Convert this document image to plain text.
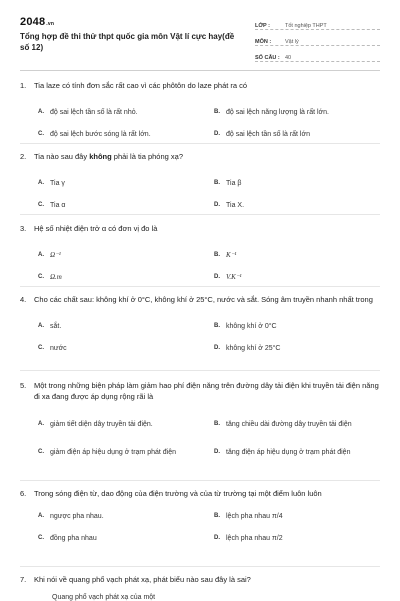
2048.vn
Tổng hợp đề thi thử thpt quốc gia môn Vật lí cực hay(đề số 12)
LỚP :	Tốt nghiệp THPT
MÔN :	Vật lý
SỐ CÂU : 40
1.	Tia laze có tính đơn sắc rất cao vì các phôtôn do laze phát ra có
A. độ sai lệch tần số là rất nhỏ.	B. độ sai lệch năng lượng là rất lớn.
C. độ sai lệch bước sóng là rất lớn.	D. độ sai lệch tần số là rất lớn
2.	Tia nào sau đây không phải là tia phóng xạ?
A. Tia γ	B. Tia β
C. Tia α	D. Tia X.
3.	Hệ số nhiệt điện trở α có đơn vị đo là
A. Ω⁻¹	B. K⁻¹
C. Ω.m	D. V.K⁻¹
4.	Cho các chất sau: không khí ở 0°C, không khí ở 25°C, nước và sắt. Sóng âm truyền nhanh nhất trong
A. sắt.	B. không khí ở 0°C
C. nước	D. không khí ở 25°C
5.	Một trong những biện pháp làm giảm hao phí điện năng trên đường dây tải điện khi truyền tải điện năng đi xa đang được áp dụng rộng rãi là
A. giảm tiết diện dây truyền tải điện.	B. tăng chiều dài đường dây truyền tải điện
C. giảm điện áp hiệu dụng ở trạm phát điện	D. tăng điện áp hiệu dụng ở trạm phát điện
6.	Trong sóng điện từ, dao động của điện trường và của từ trường tại một điểm luôn luôn
A. ngược pha nhau.	B. lệch pha nhau π/4
C. đồng pha nhau	D. lệch pha nhau π/2
7.	Khi nói về quang phổ vạch phát xạ, phát biểu nào sau đây là sai?
Quang phổ vạch phát xạ của một
